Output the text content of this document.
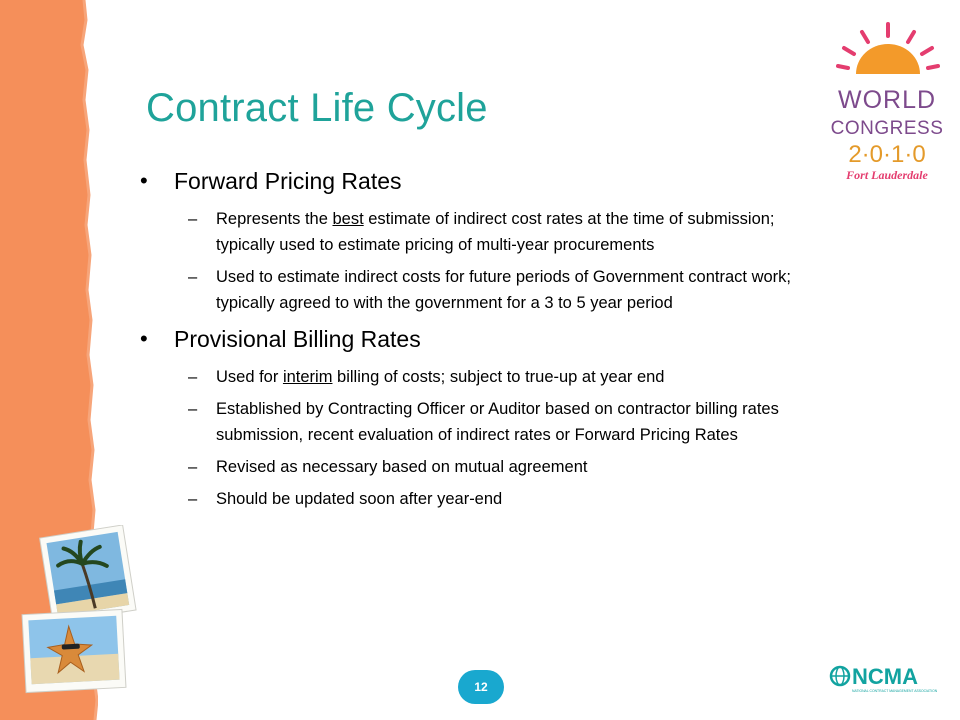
Contract Life Cycle	WORLD
CONGRESS
2·0·1·0
Fort Lauderdale
• Forward Pricing Rates
– Represents the best estimate of indirect cost rates at the time of submission; typically used to estimate pricing of multi-year procurements
– Used to estimate indirect costs for future periods of Government contract work; typically agreed to with the government for a 3 to 5 year period
• Provisional Billing Rates
– Used for interim billing of costs; subject to true-up at year end
– Established by Contracting Officer or Auditor based on contractor billing rates submission, recent evaluation of indirect rates or Forward Pricing Rates
– Revised as necessary based on mutual agreement
– Should be updated soon after year-end
12	NCMA
NATIONAL CONTRACT MANAGEMENT ASSOCIATION
